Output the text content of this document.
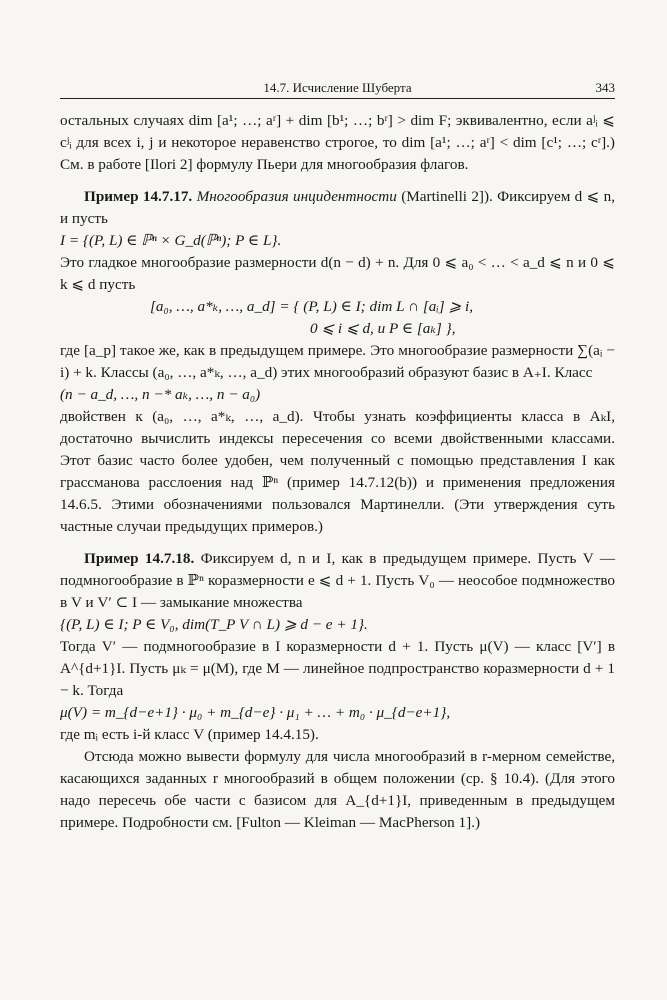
14.7. Исчисление Шуберта	343

остальных случаях dim [a¹; …; aʳ] + dim [b¹; …; bʳ] > dim F; эквивалентно, если aʲᵢ ⩽ cʲᵢ для всех i, j и некоторое неравенство строгое, то dim [a¹; …; aʳ] < dim [c¹; …; cʳ].) См. в работе [Ilori 2] формулу Пьери для многообразия флагов.

Пример 14.7.17. Многообразия инцидентности (Martinelli 2]). Фиксируем d ⩽ n, и пусть

I = {(P, L) ∈ ℙⁿ × G_d(ℙⁿ); P ∈ L}.

Это гладкое многообразие размерности d(n − d) + n. Для 0 ⩽ a₀ < … < a_d ⩽ n и 0 ⩽ k ⩽ d пусть

[a₀, …, a*ₖ, …, a_d] = { (P, L) ∈ I; dim L ∩ [aᵢ] ⩾ i,

0 ⩽ i ⩽ d, и P ∈ [aₖ] },

где [a_p] такое же, как в предыдущем примере. Это многообразие размерности ∑(aᵢ − i) + k. Классы (a₀, …, a*ₖ, …, a_d) этих многообразий образуют базис в A₊I. Класс

(n − a_d, …, n −* aₖ, …, n − a₀)

двойствен к (a₀, …, a*ₖ, …, a_d). Чтобы узнать коэффициенты класса в AₖI, достаточно вычислить индексы пересечения со всеми двойственными классами. Этот базис часто более удобен, чем полученный с помощью представления I как грассманова расслоения над ℙⁿ (пример 14.7.12(b)) и применения предложения 14.6.5. Этими обозначениями пользовался Мартинелли. (Эти утверждения суть частные случаи предыдущих примеров.)

Пример 14.7.18. Фиксируем d, n и I, как в предыдущем примере. Пусть V — подмногообразие в ℙⁿ коразмерности e ⩽ d + 1. Пусть V₀ — неособое подмножество в V и V′ ⊂ I — замыкание множества

{(P, L) ∈ I; P ∈ V₀, dim(T_P V ∩ L) ⩾ d − e + 1}.

Тогда V′ — подмногообразие в I коразмерности d + 1. Пусть μ(V) — класс [V′] в A^{d+1}I. Пусть μₖ = μ(M), где M — линейное подпространство коразмерности d + 1 − k. Тогда

μ(V) = m_{d−e+1} · μ₀ + m_{d−e} · μ₁ + … + m₀ · μ_{d−e+1},

где mᵢ есть i-й класс V (пример 14.4.15).

Отсюда можно вывести формулу для числа многообразий в r-мерном семействе, касающихся заданных r многообразий в общем положении (ср. § 10.4). (Для этого надо пересечь обе части с базисом для A_{d+1}I, приведенным в предыдущем примере. Подробности см. [Fulton — Kleiman — MacPherson 1].)
